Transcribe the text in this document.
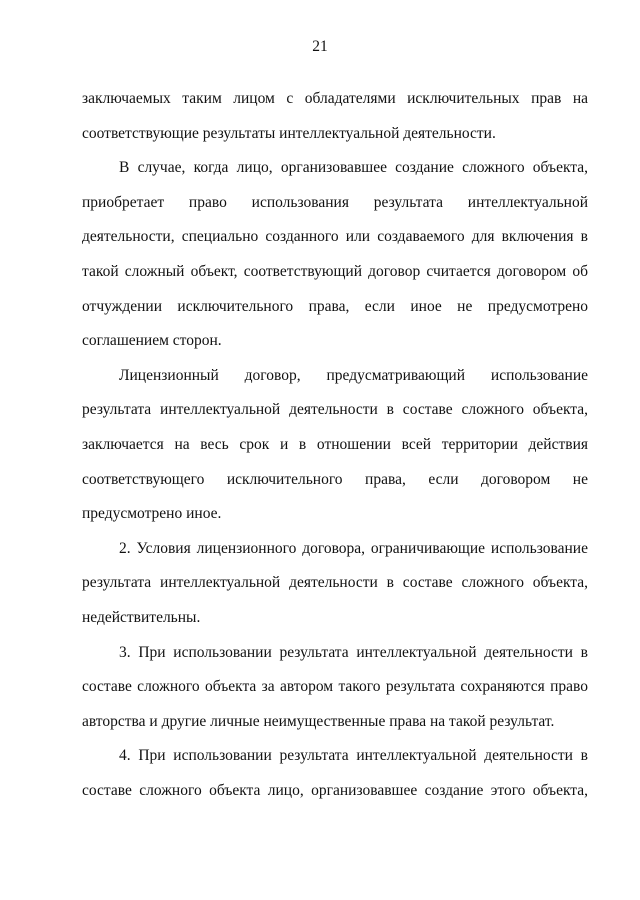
21
заключаемых таким лицом с обладателями исключительных прав на
соответствующие результаты интеллектуальной деятельности.
В случае, когда лицо, организовавшее создание сложного объекта,
приобретает право использования результата интеллектуальной
деятельности, специально созданного или создаваемого для включения в
такой сложный объект, соответствующий договор считается договором об
отчуждении исключительного права, если иное не предусмотрено
соглашением сторон.
Лицензионный договор, предусматривающий использование
результата интеллектуальной деятельности в составе сложного объекта,
заключается на весь срок и в отношении всей территории действия
соответствующего исключительного права, если договором не
предусмотрено иное.
2. Условия лицензионного договора, ограничивающие использование
результата интеллектуальной деятельности в составе сложного объекта,
недействительны.
3. При использовании результата интеллектуальной деятельности в
составе сложного объекта за автором такого результата сохраняются право
авторства и другие личные неимущественные права на такой результат.
4. При использовании результата интеллектуальной деятельности в
составе сложного объекта лицо, организовавшее создание этого объекта,
